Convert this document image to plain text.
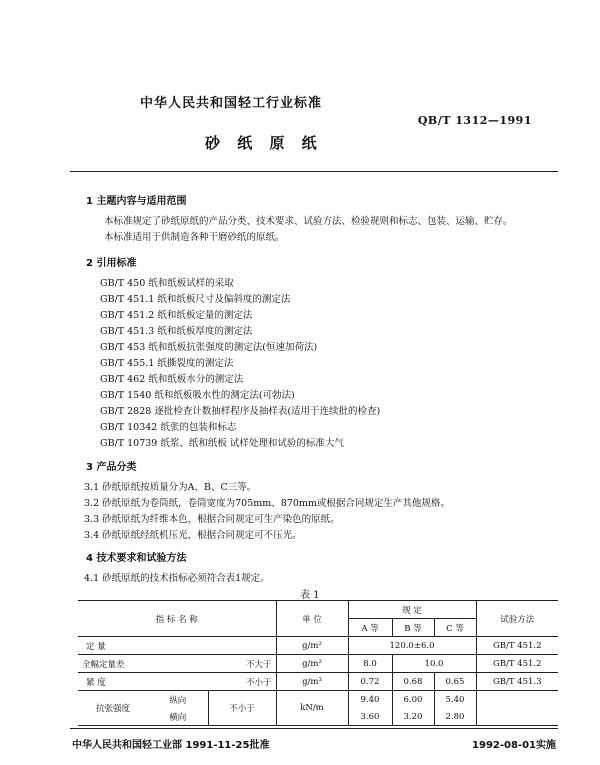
中华人民共和国轻工行业标准
QB/T 1312—1991
砂 纸 原 纸
1 主题内容与适用范围
本标准规定了砂纸原纸的产品分类、技术要求、试验方法、检验规则和标志、包装、运输、贮存。
本标准适用于供制造各种干磨砂纸的原纸。
2 引用标准
GB/T 450 纸和纸板试样的采取
GB/T 451.1 纸和纸板尺寸及偏斜度的测定法
GB/T 451.2 纸和纸板定量的测定法
GB/T 451.3 纸和纸板厚度的测定法
GB/T 453 纸和纸板抗张强度的测定法(恒速加荷法)
GB/T 455.1 纸撕裂度的测定法
GB/T 462 纸和纸板水分的测定法
GB/T 1540 纸和纸板吸水性的测定法(可勃法)
GB/T 2828 逐批检查计数抽样程序及抽样表(适用于连续批的检查)
GB/T 10342 纸张的包装和标志
GB/T 10739 纸浆、纸和纸板 试样处理和试验的标准大气
3 产品分类
3.1 砂纸原纸按质量分为A、B、C三等。
3.2 砂纸原纸为卷筒纸，卷筒宽度为705mm、870mm或根据合同规定生产其他规格。
3.3 砂纸原纸为纤维本色，根据合同规定可生产染色的原纸。
3.4 砂纸原纸经纸机压光，根据合同规定可不压光。
4 技术要求和试验方法
4.1 砂纸原纸的技术指标必须符合表1规定。
表 1
指 标 名 称			单 位	规 定			试验方法
				A 等	B 等	C 等	
定 量			g/m²	120.0±6.0			GB/T 451.2
全幅定量差		不大于	g/m²	8.0	10.0		GB/T 451.2
紧 度		不小于	g/m³	0.72	0.68	0.65	GB/T 451.3
抗张强度	纵向	不小于	kN/m	9.40	6.00	5.40	
	横向			3.60	3.20	2.80	
中华人民共和国轻工业部 1991-11-25批准	1992-08-01实施
